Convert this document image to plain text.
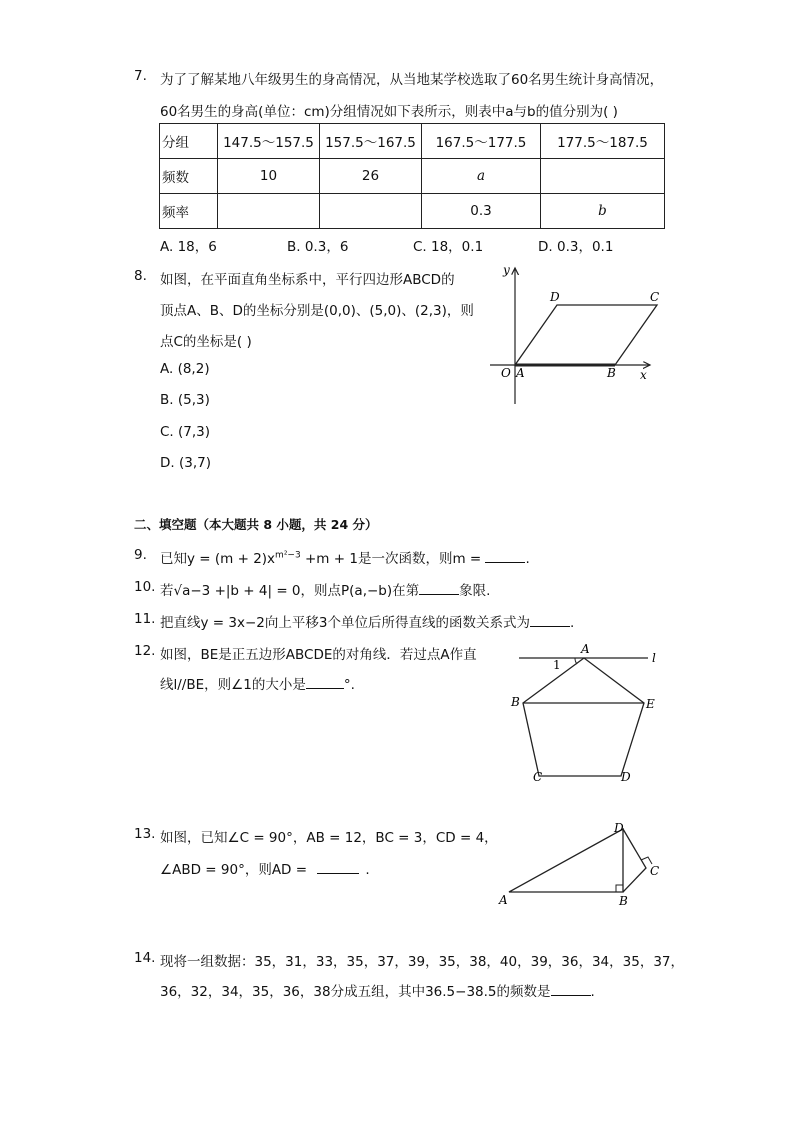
7. 为了了解某地八年级男生的身高情况，从当地某学校选取了60名男生统计身高情况，
60名男生的身高(单位：cm)分组情况如下表所示，则表中a与b的值分别为( )
分组	147.5～157.5	157.5～167.5	167.5～177.5	177.5～187.5
频数	10	26	a	
频率			0.3	b
A. 18，6	B. 0.3，6	C. 18，0.1	D. 0.3，0.1
8. 如图，在平面直角坐标系中，平行四边形ABCD的
顶点A、B、D的坐标分别是(0,0)、(5,0)、(2,3)，则
点C的坐标是( )
A. (8,2)
B. (5,3)
C. (7,3)
D. (3,7)
y
x
O A	B
C
D
二、填空题（本大题共 8 小题，共 24 分）
9. 已知$y = (m + 2)x^{m^2-3} +m + 1$是一次函数，则m =	.
10. 若√a−3 +|b + 4| = 0，则点P(a,−b)在第	象限.
11. 把直线y = 3x−2向上平移3个单位后所得直线的函数关系式为	.
12. 如图，BE是正五边形ABCDE的对角线．若过点A作直
线l//BE，则∠1的大小是	°.
A
B
C	D
E
l
1
13. 如图，已知∠C = 90°，AB = 12，BC = 3，CD = 4，
∠ABD = 90°，则AD =	.
A	B
C
D
14. 现将一组数据：35，31，33，35，37，39，35，38，40，39，36，34，35，37，
36，32，34，35，36，38分成五组，其中36.5−38.5的频数是	.
